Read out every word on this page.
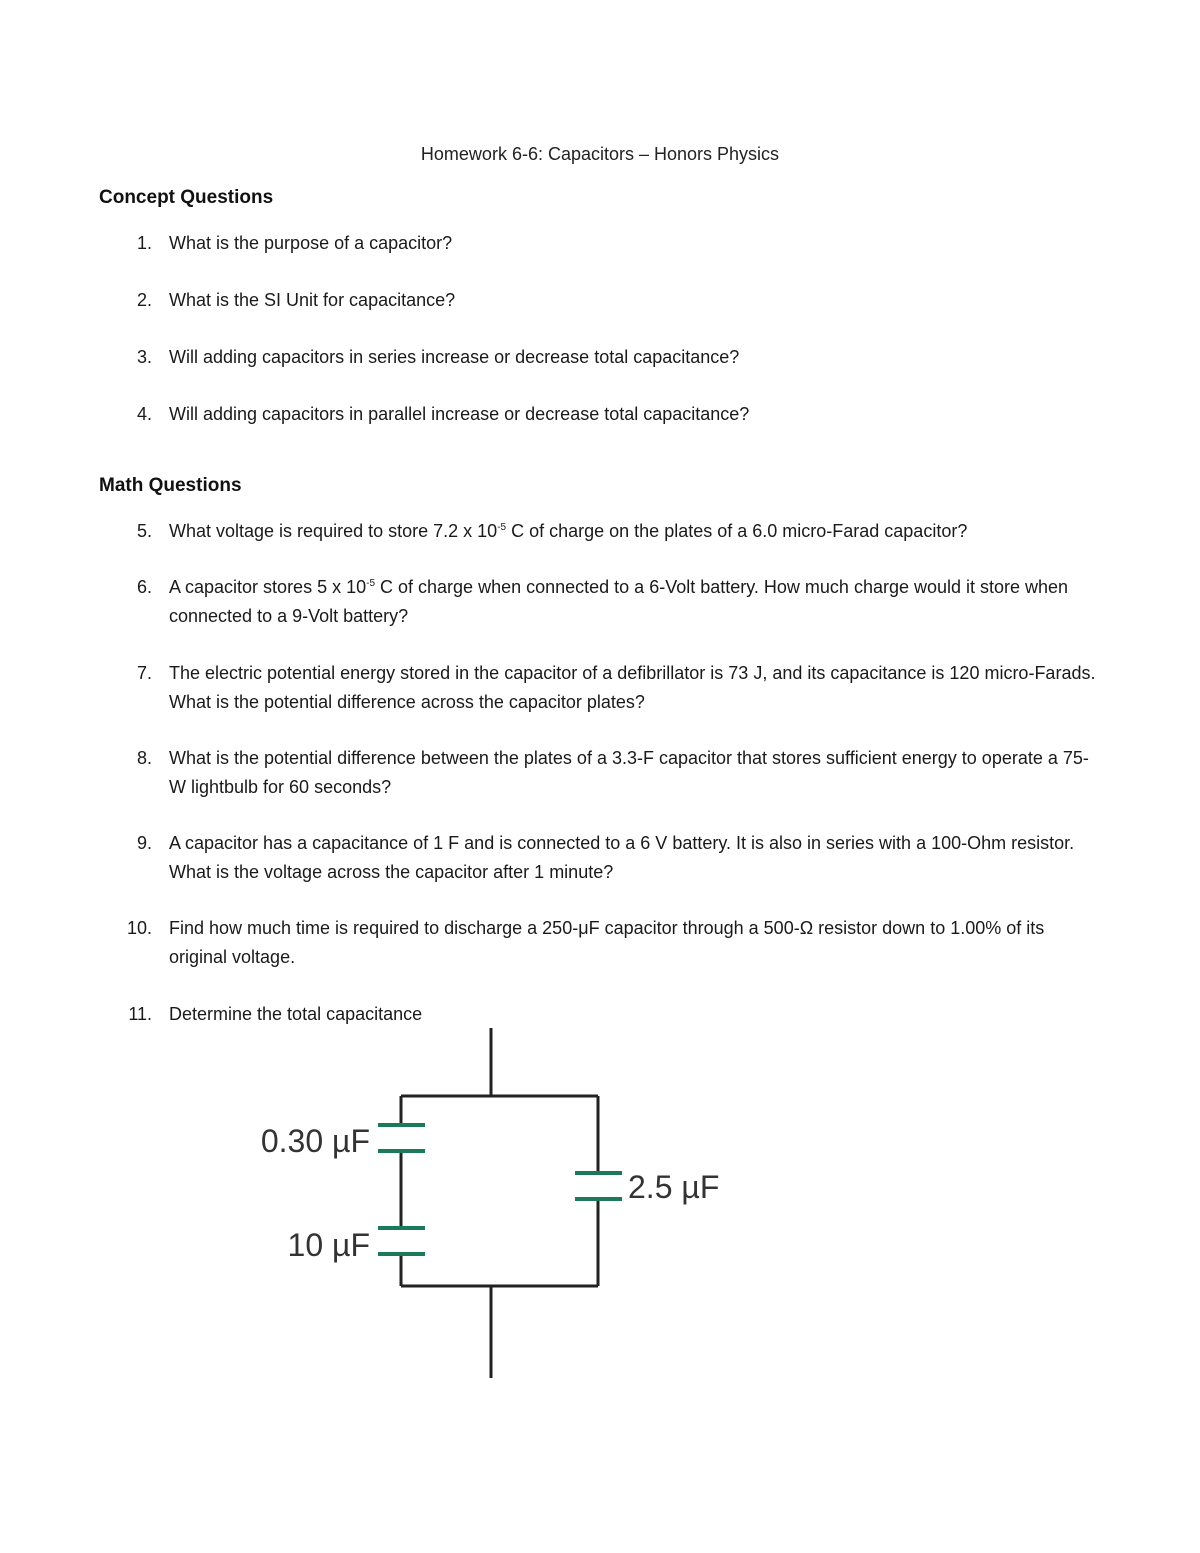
Homework 6-6: Capacitors – Honors Physics
Concept Questions
1. What is the purpose of a capacitor?
2. What is the SI Unit for capacitance?
3. Will adding capacitors in series increase or decrease total capacitance?
4. Will adding capacitors in parallel increase or decrease total capacitance?
Math Questions
5. What voltage is required to store 7.2 x $10^{-5}$ C of charge on the plates of a 6.0 micro-Farad capacitor?
6. A capacitor stores 5 x $10^{-5}$ C of charge when connected to a 6-Volt battery. How much charge would it store when connected to a 9-Volt battery?
7. The electric potential energy stored in the capacitor of a defibrillator is 73 J, and its capacitance is 120 micro-Farads. What is the potential difference across the capacitor plates?
8. What is the potential difference between the plates of a 3.3-F capacitor that stores sufficient energy to operate a 75-W lightbulb for 60 seconds?
9. A capacitor has a capacitance of 1 F and is connected to a 6 V battery. It is also in series with a 100-Ohm resistor. What is the voltage across the capacitor after 1 minute?
10. Find how much time is required to discharge a 250-μF capacitor through a 500-Ω resistor down to 1.00% of its original voltage.
11. Determine the total capacitance
0.30 µF
10 µF
2.5 µF
